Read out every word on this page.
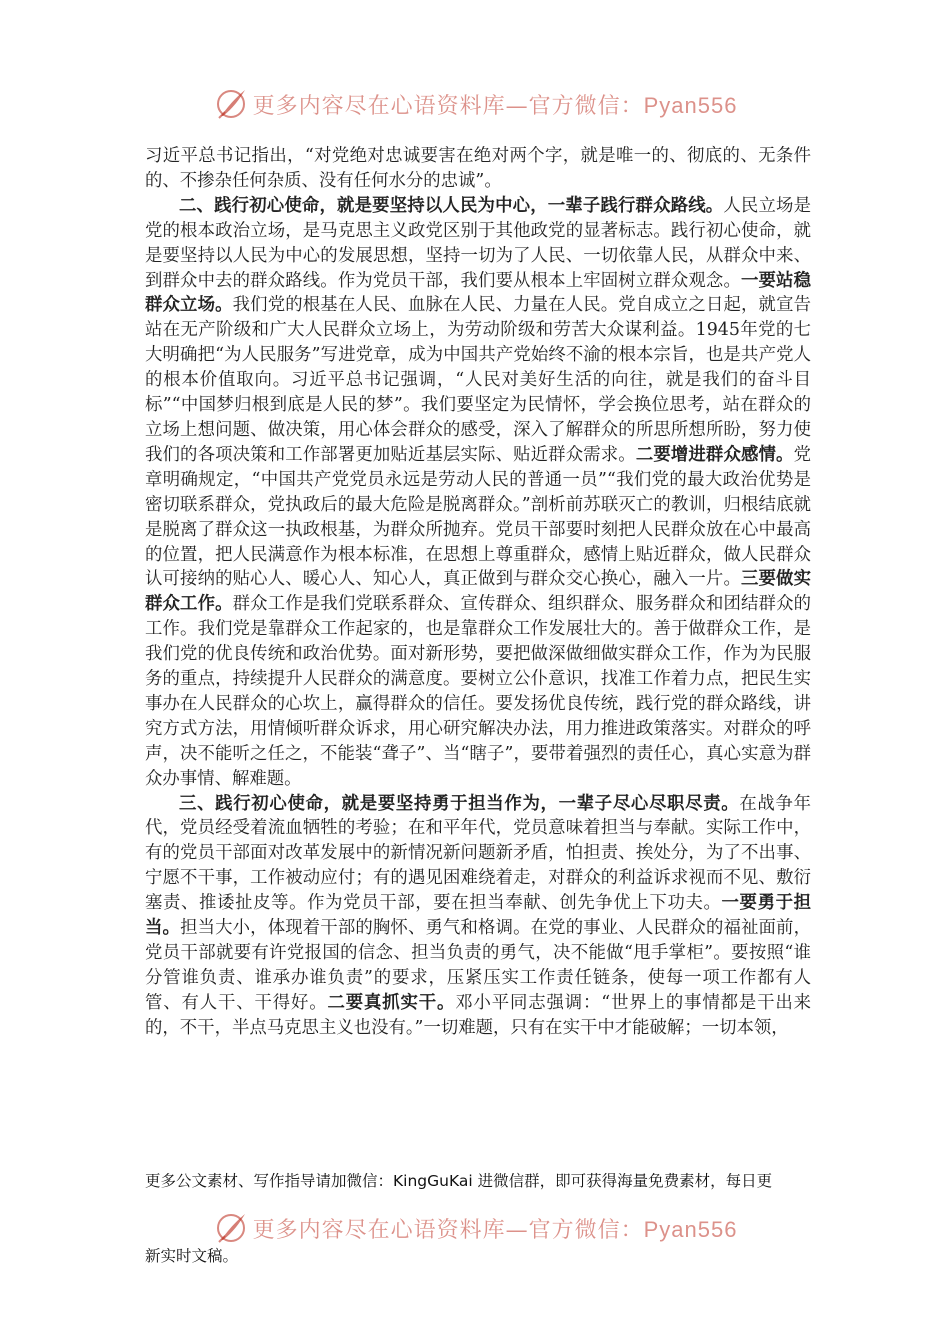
更多内容尽在心语资料库—官方微信：Pyan556

习近平总书记指出，“对党绝对忠诚要害在绝对两个字，就是唯一的、彻底的、无条件的、不掺杂任何杂质、没有任何水分的忠诚”。

二、践行初心使命，就是要坚持以人民为中心，一辈子践行群众路线。人民立场是党的根本政治立场，是马克思主义政党区别于其他政党的显著标志。践行初心使命，就是要坚持以人民为中心的发展思想，坚持一切为了人民、一切依靠人民，从群众中来、到群众中去的群众路线。作为党员干部，我们要从根本上牢固树立群众观念。一要站稳群众立场。我们党的根基在人民、血脉在人民、力量在人民。党自成立之日起，就宣告站在无产阶级和广大人民群众立场上，为劳动阶级和劳苦大众谋利益。1945年党的七大明确把“为人民服务”写进党章，成为中国共产党始终不渝的根本宗旨，也是共产党人的根本价值取向。习近平总书记强调，“人民对美好生活的向往，就是我们的奋斗目标”“中国梦归根到底是人民的梦”。我们要坚定为民情怀，学会换位思考，站在群众的立场上想问题、做决策，用心体会群众的感受，深入了解群众的所思所想所盼，努力使我们的各项决策和工作部署更加贴近基层实际、贴近群众需求。二要增进群众感情。党章明确规定，“中国共产党党员永远是劳动人民的普通一员”“我们党的最大政治优势是密切联系群众，党执政后的最大危险是脱离群众。”剖析前苏联灭亡的教训，归根结底就是脱离了群众这一执政根基，为群众所抛弃。党员干部要时刻把人民群众放在心中最高的位置，把人民满意作为根本标准，在思想上尊重群众，感情上贴近群众，做人民群众认可接纳的贴心人、暖心人、知心人，真正做到与群众交心换心，融入一片。三要做实群众工作。群众工作是我们党联系群众、宣传群众、组织群众、服务群众和团结群众的工作。我们党是靠群众工作起家的，也是靠群众工作发展壮大的。善于做群众工作，是我们党的优良传统和政治优势。面对新形势，要把做深做细做实群众工作，作为为民服务的重点，持续提升人民群众的满意度。要树立公仆意识，找准工作着力点，把民生实事办在人民群众的心坎上，赢得群众的信任。要发扬优良传统，践行党的群众路线，讲究方式方法，用情倾听群众诉求，用心研究解决办法，用力推进政策落实。对群众的呼声，决不能听之任之，不能装“聋子”、当“瞎子”，要带着强烈的责任心，真心实意为群众办事情、解难题。

三、践行初心使命，就是要坚持勇于担当作为，一辈子尽心尽职尽责。在战争年代，党员经受着流血牺牲的考验；在和平年代，党员意味着担当与奉献。实际工作中，有的党员干部面对改革发展中的新情况新问题新矛盾，怕担责、挨处分，为了不出事、宁愿不干事，工作被动应付；有的遇见困难绕着走，对群众的利益诉求视而不见、敷衍塞责、推诿扯皮等。作为党员干部，要在担当奉献、创先争优上下功夫。一要勇于担当。担当大小，体现着干部的胸怀、勇气和格调。在党的事业、人民群众的福祉面前，党员干部就要有许党报国的信念、担当负责的勇气，决不能做“甩手掌柜”。要按照“谁分管谁负责、谁承办谁负责”的要求，压紧压实工作责任链条，使每一项工作都有人管、有人干、干得好。二要真抓实干。邓小平同志强调：“世界上的事情都是干出来的，不干，半点马克思主义也没有。”一切难题，只有在实干中才能破解；一切本领，

更多公文素材、写作指导请加微信：KingGuKai 进微信群，即可获得海量免费素材，每日更
更多内容尽在心语资料库—官方微信：Pyan556
新实时文稿。
